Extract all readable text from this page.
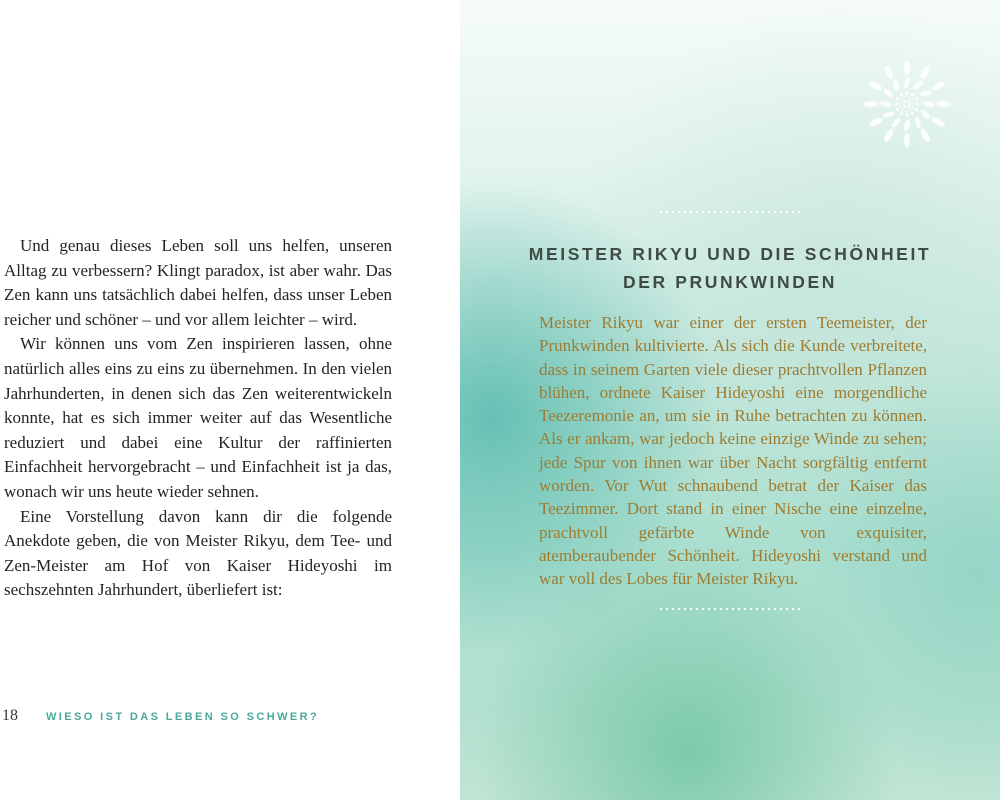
Und genau dieses Leben soll uns helfen, unseren Alltag zu verbessern? Klingt paradox, ist aber wahr. Das Zen kann uns tatsächlich dabei helfen, dass unser Leben reicher und schöner – und vor allem leichter – wird.

Wir können uns vom Zen inspirieren lassen, ohne natürlich alles eins zu eins zu übernehmen. In den vielen Jahrhunderten, in denen sich das Zen weiterentwickeln konnte, hat es sich immer weiter auf das Wesentliche reduziert und dabei eine Kultur der raffinierten Einfachheit hervorgebracht – und Einfachheit ist ja das, wonach wir uns heute wieder sehnen.

Eine Vorstellung davon kann dir die folgende Anekdote geben, die von Meister Rikyu, dem Tee- und Zen-Meister am Hof von Kaiser Hideyoshi im sechszehnten Jahrhundert, überliefert ist:

18	WIESO IST DAS LEBEN SO SCHWER?
MEISTER RIKYU UND DIE SCHÖNHEIT
DER PRUNKWINDEN

Meister Rikyu war einer der ersten Teemeister, der Prunkwinden kultivierte. Als sich die Kunde verbreitete, dass in seinem Garten viele dieser prachtvollen Pflanzen blühen, ordnete Kaiser Hideyoshi eine morgendliche Teezeremonie an, um sie in Ruhe betrachten zu können. Als er ankam, war jedoch keine einzige Winde zu sehen; jede Spur von ihnen war über Nacht sorgfältig entfernt worden. Vor Wut schnaubend betrat der Kaiser das Teezimmer. Dort stand in einer Nische eine einzelne, prachtvoll gefärbte Winde von exquisiter, atemberaubender Schönheit. Hideyoshi verstand und war voll des Lobes für Meister Rikyu.
